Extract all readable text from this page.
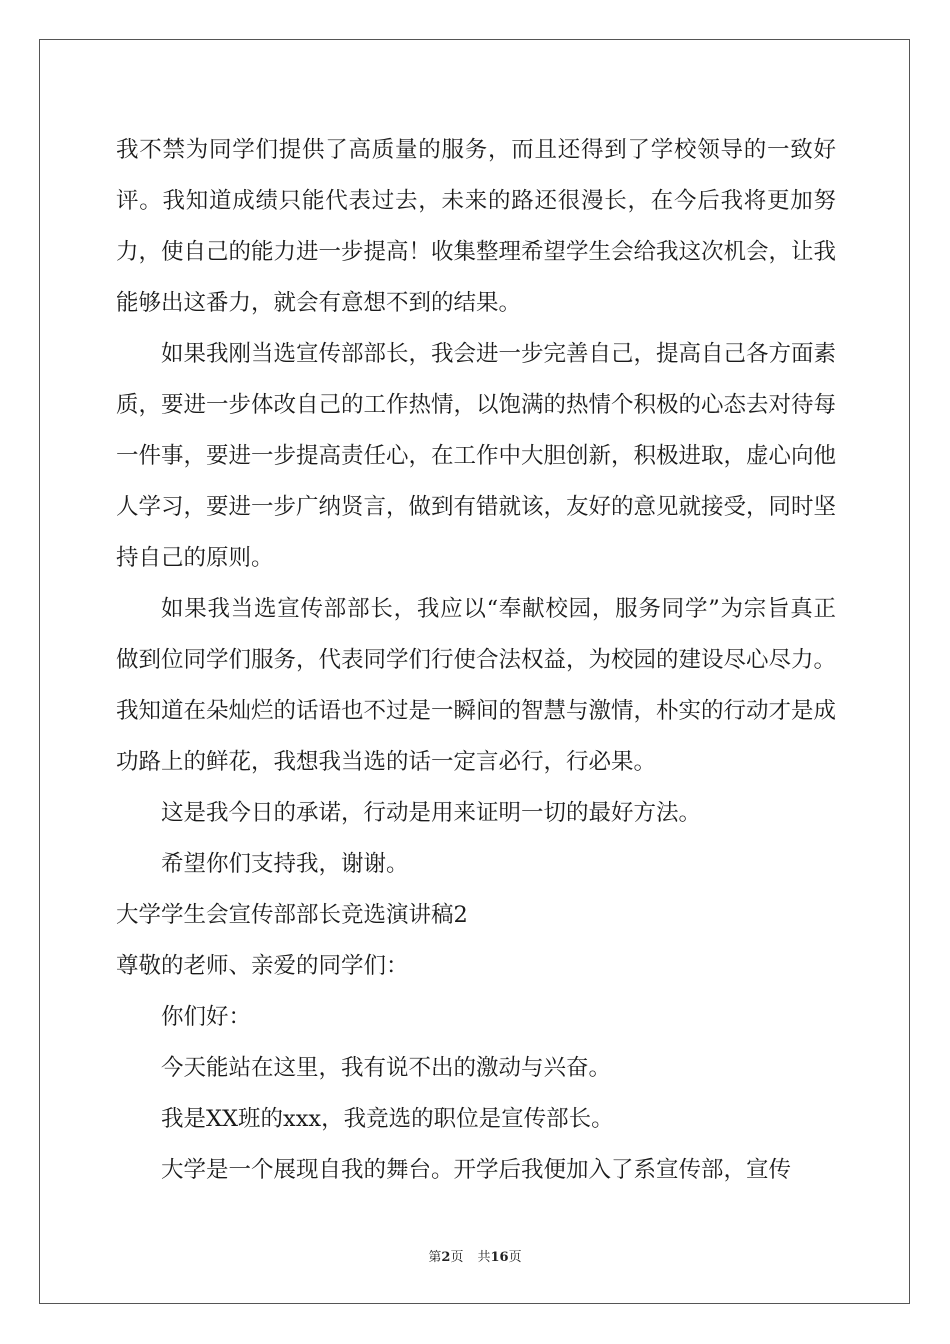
我不禁为同学们提供了高质量的服务，而且还得到了学校领导的一致好评。我知道成绩只能代表过去，未来的路还很漫长，在今后我将更加努力，使自己的能力进一步提高！收集整理希望学生会给我这次机会，让我能够出这番力，就会有意想不到的结果。

如果我刚当选宣传部部长，我会进一步完善自己，提高自己各方面素质，要进一步体改自己的工作热情，以饱满的热情个积极的心态去对待每一件事，要进一步提高责任心，在工作中大胆创新，积极进取，虚心向他人学习，要进一步广纳贤言，做到有错就该，友好的意见就接受，同时坚持自己的原则。

如果我当选宣传部部长，我应以“奉献校园，服务同学”为宗旨真正做到位同学们服务，代表同学们行使合法权益，为校园的建设尽心尽力。我知道在朵灿烂的话语也不过是一瞬间的智慧与激情，朴实的行动才是成功路上的鲜花，我想我当选的话一定言必行，行必果。

这是我今日的承诺，行动是用来证明一切的最好方法。

希望你们支持我，谢谢。

大学学生会宣传部部长竞选演讲稿2

尊敬的老师、亲爱的同学们：

你们好：

今天能站在这里，我有说不出的激动与兴奋。

我是XX班的xxx，我竞选的职位是宣传部长。

大学是一个展现自我的舞台。开学后我便加入了系宣传部，宣传

第2页 共16页
